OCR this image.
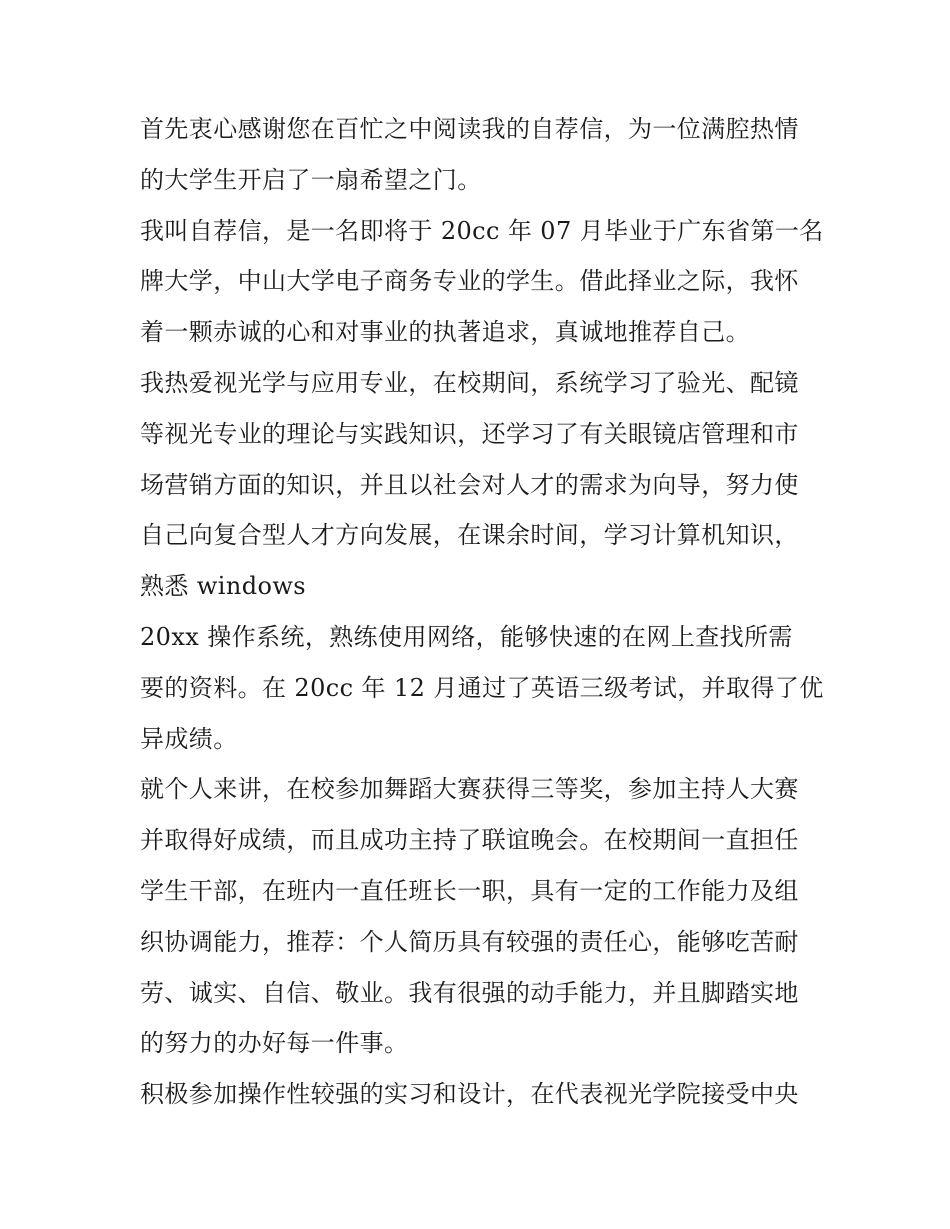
首先衷心感谢您在百忙之中阅读我的自荐信，为一位满腔热情
的大学生开启了一扇希望之门。

我叫自荐信，是一名即将于 20cc 年 07 月毕业于广东省第一名
牌大学，中山大学电子商务专业的学生。借此择业之际，我怀
着一颗赤诚的心和对事业的执著追求，真诚地推荐自己。

我热爱视光学与应用专业，在校期间，系统学习了验光、配镜
等视光专业的理论与实践知识，还学习了有关眼镜店管理和市
场营销方面的知识，并且以社会对人才的需求为向导，努力使
自己向复合型人才方向发展，在课余时间，学习计算机知识，
熟悉 windows

20xx 操作系统，熟练使用网络，能够快速的在网上查找所需
要的资料。在 20cc 年 12 月通过了英语三级考试，并取得了优
异成绩。

就个人来讲，在校参加舞蹈大赛获得三等奖，参加主持人大赛
并取得好成绩，而且成功主持了联谊晚会。在校期间一直担任
学生干部，在班内一直任班长一职，具有一定的工作能力及组
织协调能力，推荐：个人简历具有较强的责任心，能够吃苦耐
劳、诚实、自信、敬业。我有很强的动手能力，并且脚踏实地
的努力的办好每一件事。

积极参加操作性较强的实习和设计，在代表视光学院接受中央
